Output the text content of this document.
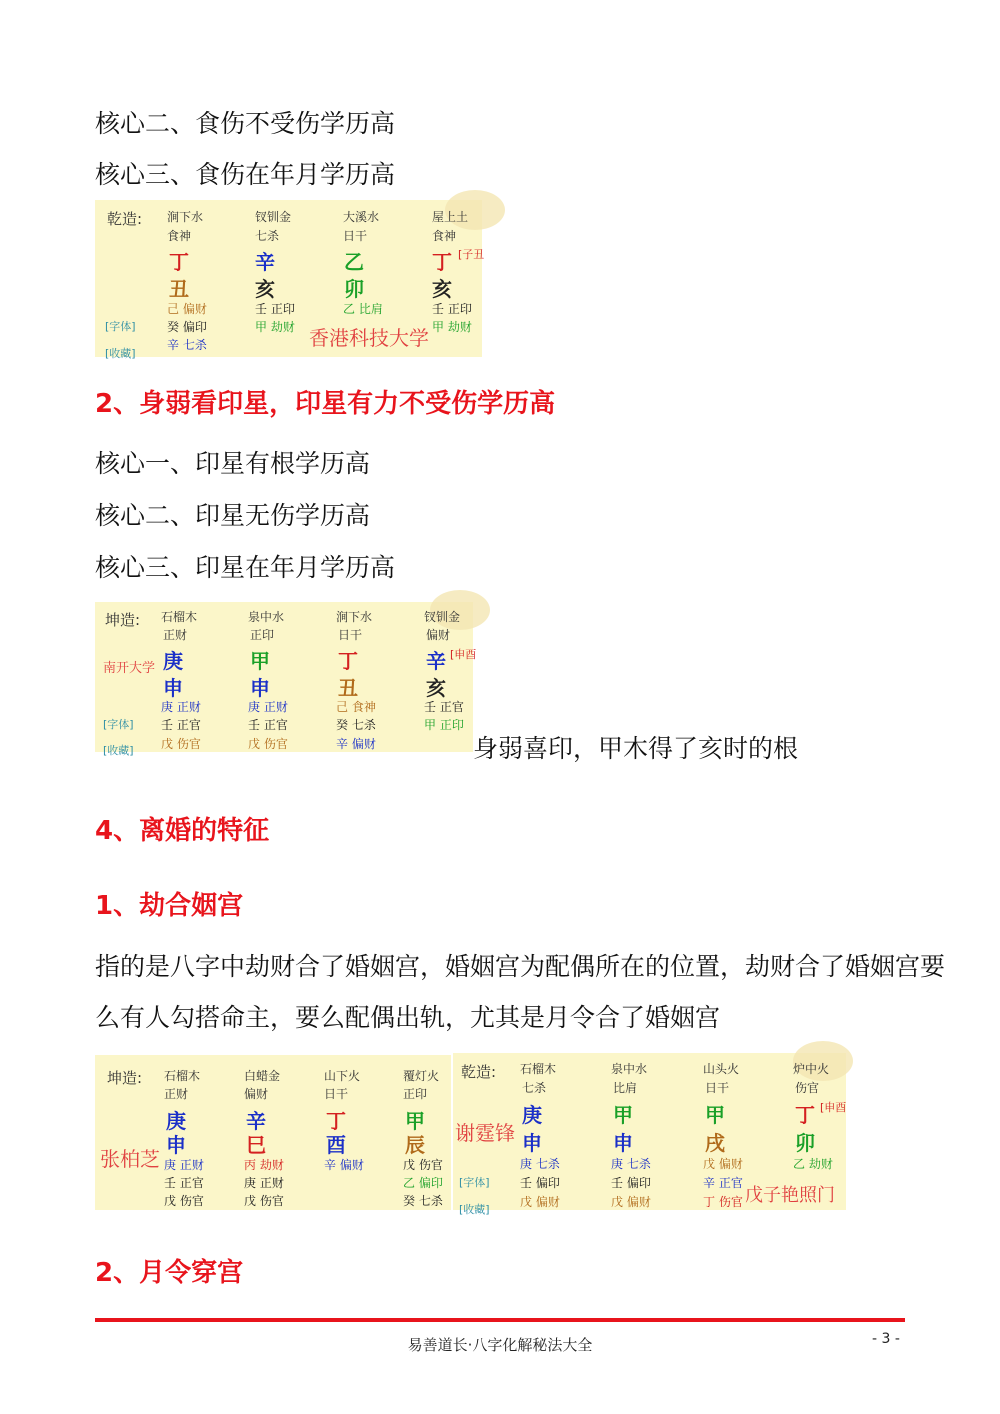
核心二、食伤不受伤学历高
核心三、食伤在年月学历高
乾造:
[字体]
[收藏]
[子丑
涧下水
食神
丁
丑
己 偏财
癸 偏印
辛 七杀
钗钏金
七杀
辛
亥
壬 正印
甲 劫财
大溪水
日干
乙
卯
乙 比肩
屋上土
食神
丁
亥
壬 正印
甲 劫财
香港科技大学
2、身弱看印星，印星有力不受伤学历高
核心一、印星有根学历高
核心二、印星无伤学历高
核心三、印星在年月学历高
坤造:
[字体]
[收藏]
[申酉
南开大学
石榴木
正财
庚
申
庚 正财
壬 正官
戊 伤官
泉中水
正印
甲
申
庚 正财
壬 正官
戊 伤官
涧下水
日干
丁
丑
己 食神
癸 七杀
辛 偏财
钗钏金
偏财
辛
亥
壬 正官
甲 正印
身弱喜印，甲木得了亥时的根
4、离婚的特征
1、劫合姻宫
指的是八字中劫财合了婚姻宫，婚姻宫为配偶所在的位置，劫财合了婚姻宫要
么有人勾搭命主，要么配偶出轨，尤其是月令合了婚姻宫
坤造:
张柏芝
石榴木
正财
庚
申
庚 正财
壬 正官
戊 伤官
白蜡金
偏财
辛
巳
丙 劫财
庚 正财
戊 伤官
山下火
日干
丁
酉
辛 偏财
覆灯火
正印
甲
辰
戊 伤官
乙 偏印
癸 七杀
乾造:
[字体]
[收藏]
[申酉
谢霆锋
石榴木
七杀
庚
申
庚 七杀
壬 偏印
戊 偏财
泉中水
比肩
甲
申
庚 七杀
壬 偏印
戊 偏财
山头火
日干
甲
戌
戊 偏财
辛 正官
丁 伤官
炉中火
伤官
丁
卯
乙 劫财
戊子艳照门
2、月令穿宫
易善道长·八字化解秘法大全	- 3 -
